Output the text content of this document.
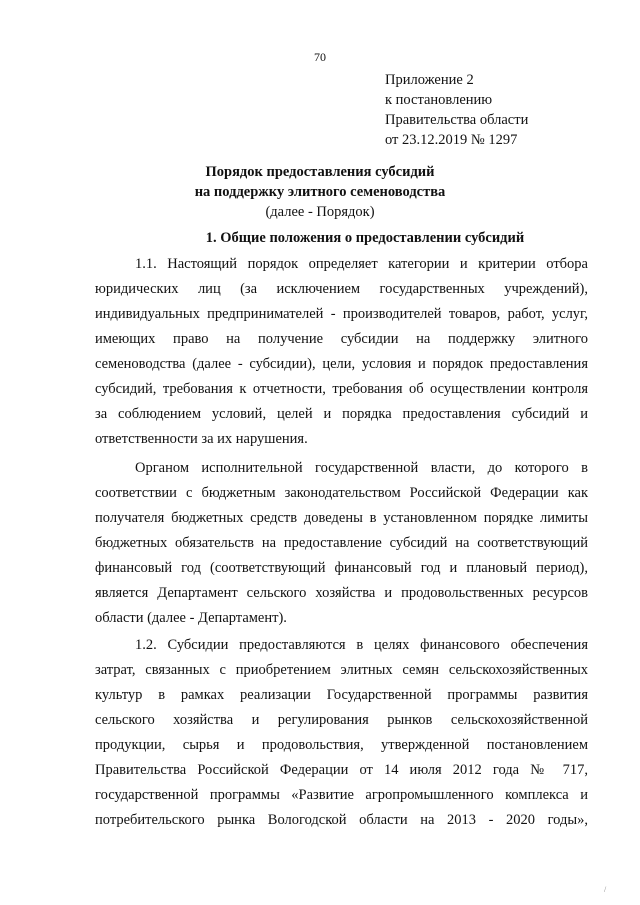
70
Приложение 2
к постановлению
Правительства области
от 23.12.2019 № 1297
Порядок предоставления субсидий
на поддержку элитного семеноводства
(далее - Порядок)
1. Общие положения о предоставлении субсидий
1.1. Настоящий порядок определяет категории и критерии отбора
юридических лиц (за исключением государственных учреждений),
индивидуальных предпринимателей - производителей товаров, работ, услуг,
имеющих право на получение субсидии на поддержку элитного
семеноводства (далее - субсидии), цели, условия и порядок предоставления
субсидий, требования к отчетности, требования об осуществлении контроля
за соблюдением условий, целей и порядка предоставления субсидий и
ответственности за их нарушения.
Органом исполнительной государственной власти, до которого в
соответствии с бюджетным законодательством Российской Федерации как
получателя бюджетных средств доведены в установленном порядке лимиты
бюджетных обязательств на предоставление субсидий на соответствующий
финансовый год (соответствующий финансовый год и плановый период),
является Департамент сельского хозяйства и продовольственных ресурсов
области (далее - Департамент).
1.2. Субсидии предоставляются в целях финансового обеспечения
затрат, связанных с приобретением элитных семян сельскохозяйственных
культур в рамках реализации Государственной программы развития
сельского хозяйства и регулирования рынков сельскохозяйственной
продукции, сырья и продовольствия, утвержденной постановлением
Правительства Российской Федерации от 14 июля 2012 года № 717,
государственной программы «Развитие агропромышленного комплекса и
потребительского рынка Вологодской области на 2013 - 2020 годы»,
/
